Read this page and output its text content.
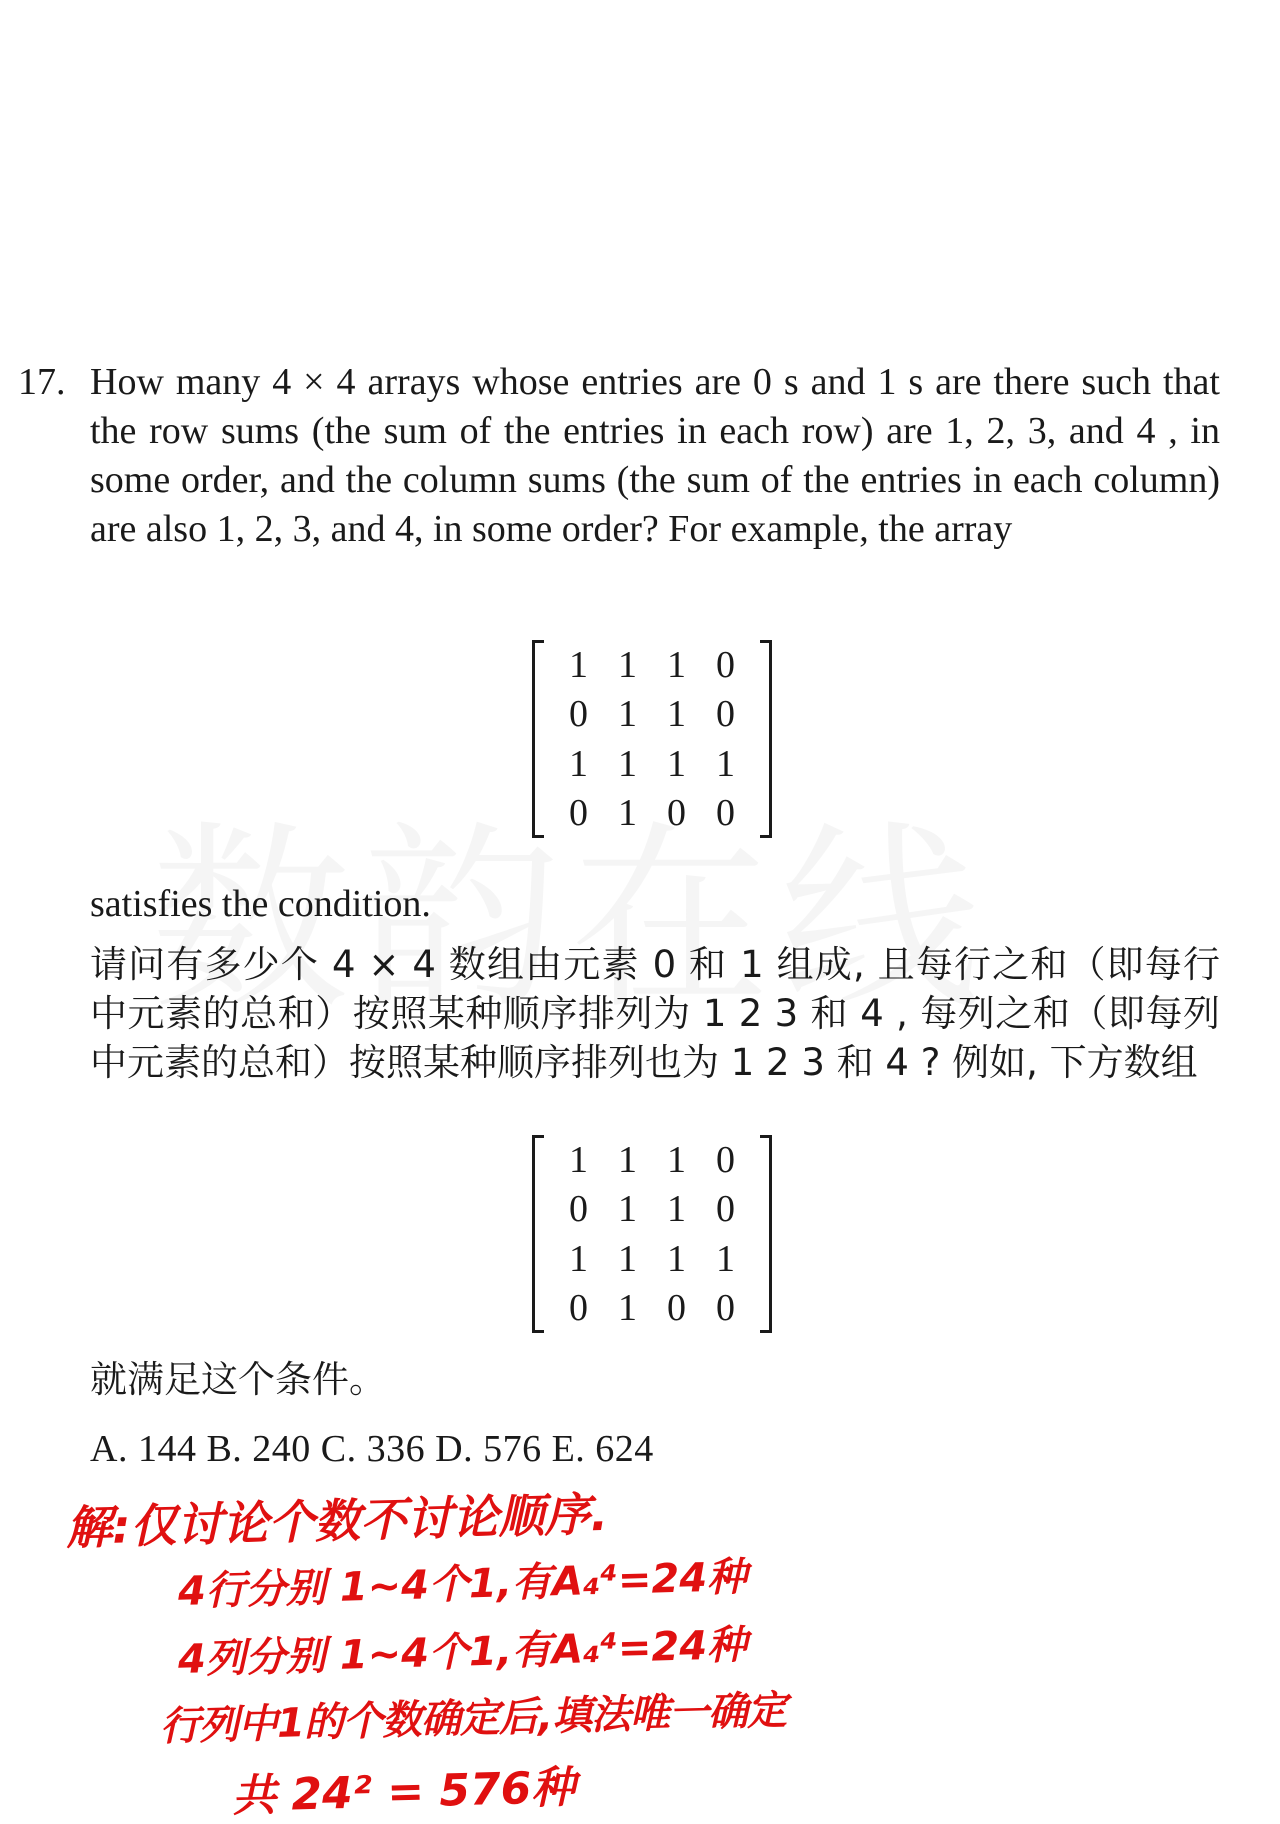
17. How many 4 × 4 arrays whose entries are 0 s and 1 s are there such that the row sums (the sum of the entries in each row) are 1, 2, 3, and 4 , in some order, and the column sums (the sum of the entries in each column) are also 1, 2, 3, and 4, in some order? For example, the array
1 1 1 0
0 1 1 0
1 1 1 1
0 1 0 0
satisfies the condition.
请问有多少个 4 × 4 数组由元素 0 和 1 组成, 且每行之和（即每行中元素的总和）按照某种顺序排列为 1 2 3 和 4 , 每列之和（即每列中元素的总和）按照某种顺序排列也为 1 2 3 和 4 ? 例如, 下方数组
1 1 1 0
0 1 1 0
1 1 1 1
0 1 0 0
就满足这个条件。
A. 144 B. 240 C. 336 D. 576 E. 624
解:仅讨论个数不讨论顺序.
4行分别 1~4个1,有A₄⁴=24种
4列分别 1~4个1,有A₄⁴=24种
行列中1的个数确定后,填法唯一确定
共 24² = 576种
